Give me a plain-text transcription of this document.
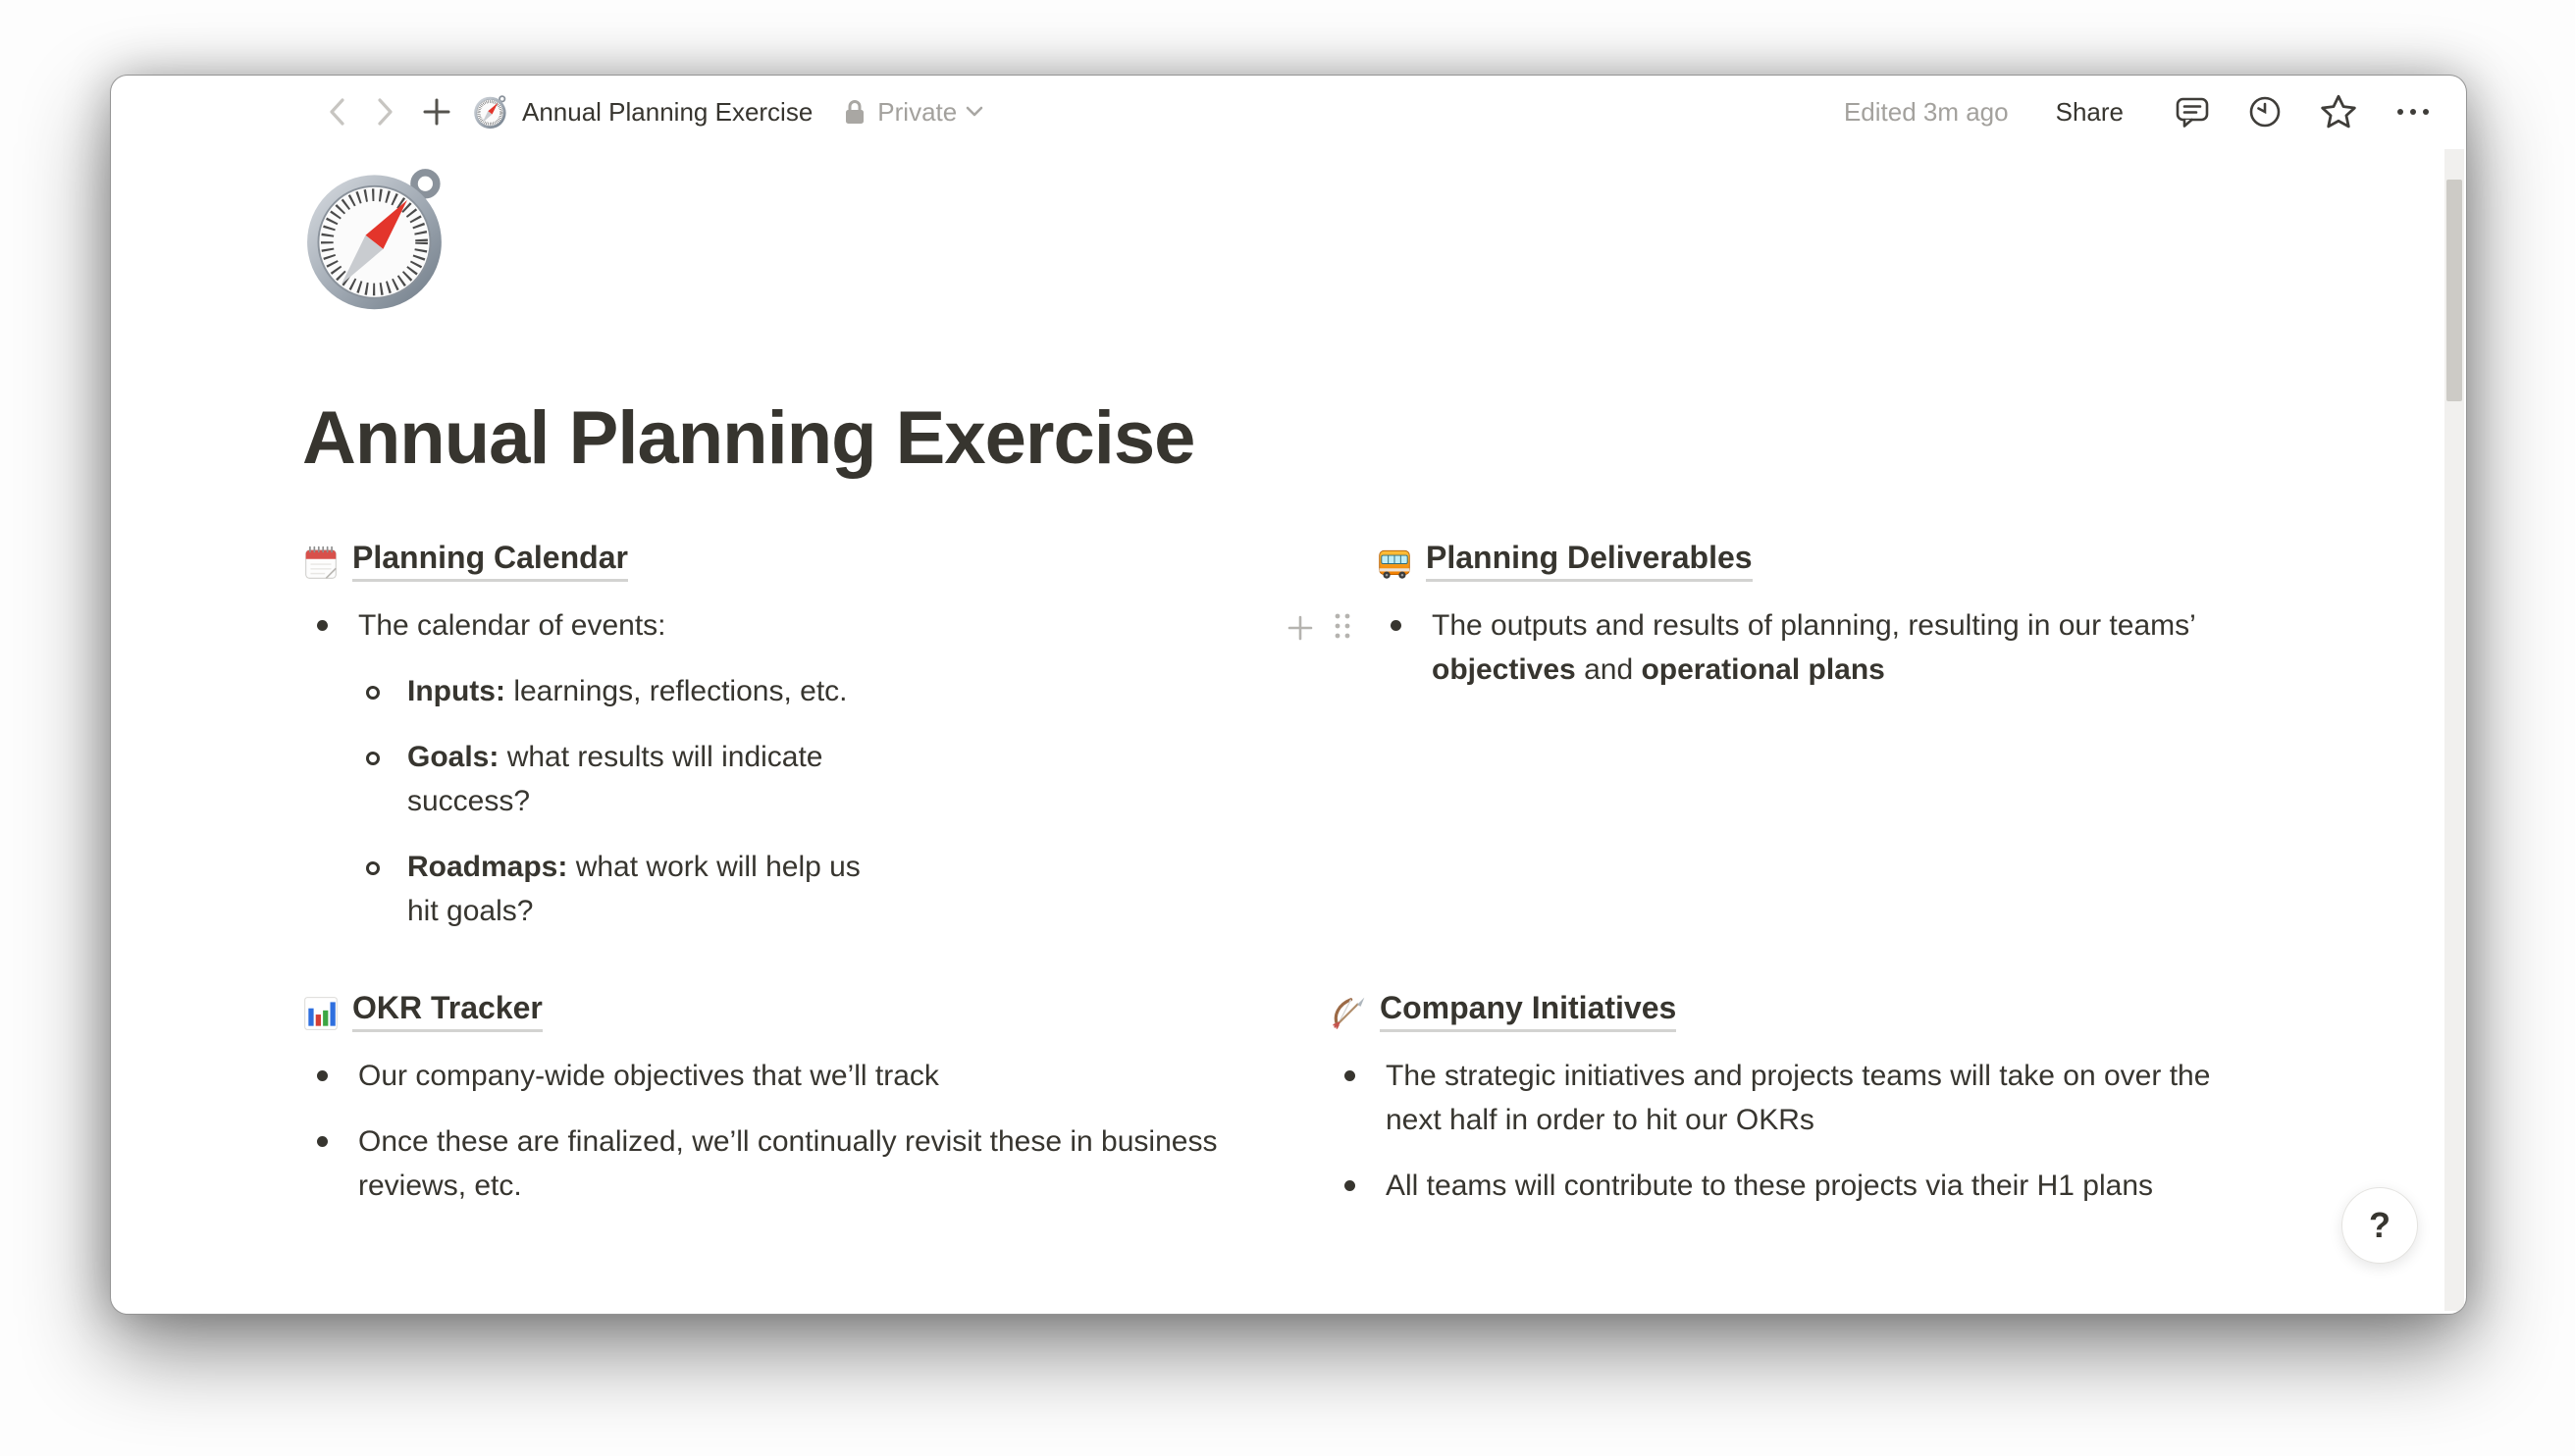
Annual Planning Exercise	Private	Edited 3m ago Share
Annual Planning Exercise
Planning Calendar
The calendar of events:
Inputs: learnings, reflections, etc.
Goals: what results will indicate success?
Roadmaps: what work will help us hit goals?
Planning Deliverables
The outputs and results of planning, resulting in our teams’ objectives and operational plans
OKR Tracker
Our company-wide objectives that we’ll track
Once these are finalized, we’ll continually revisit these in business reviews, etc.
Company Initiatives
The strategic initiatives and projects teams will take on over the next half in order to hit our OKRs
All teams will contribute to these projects via their H1 plans
?
